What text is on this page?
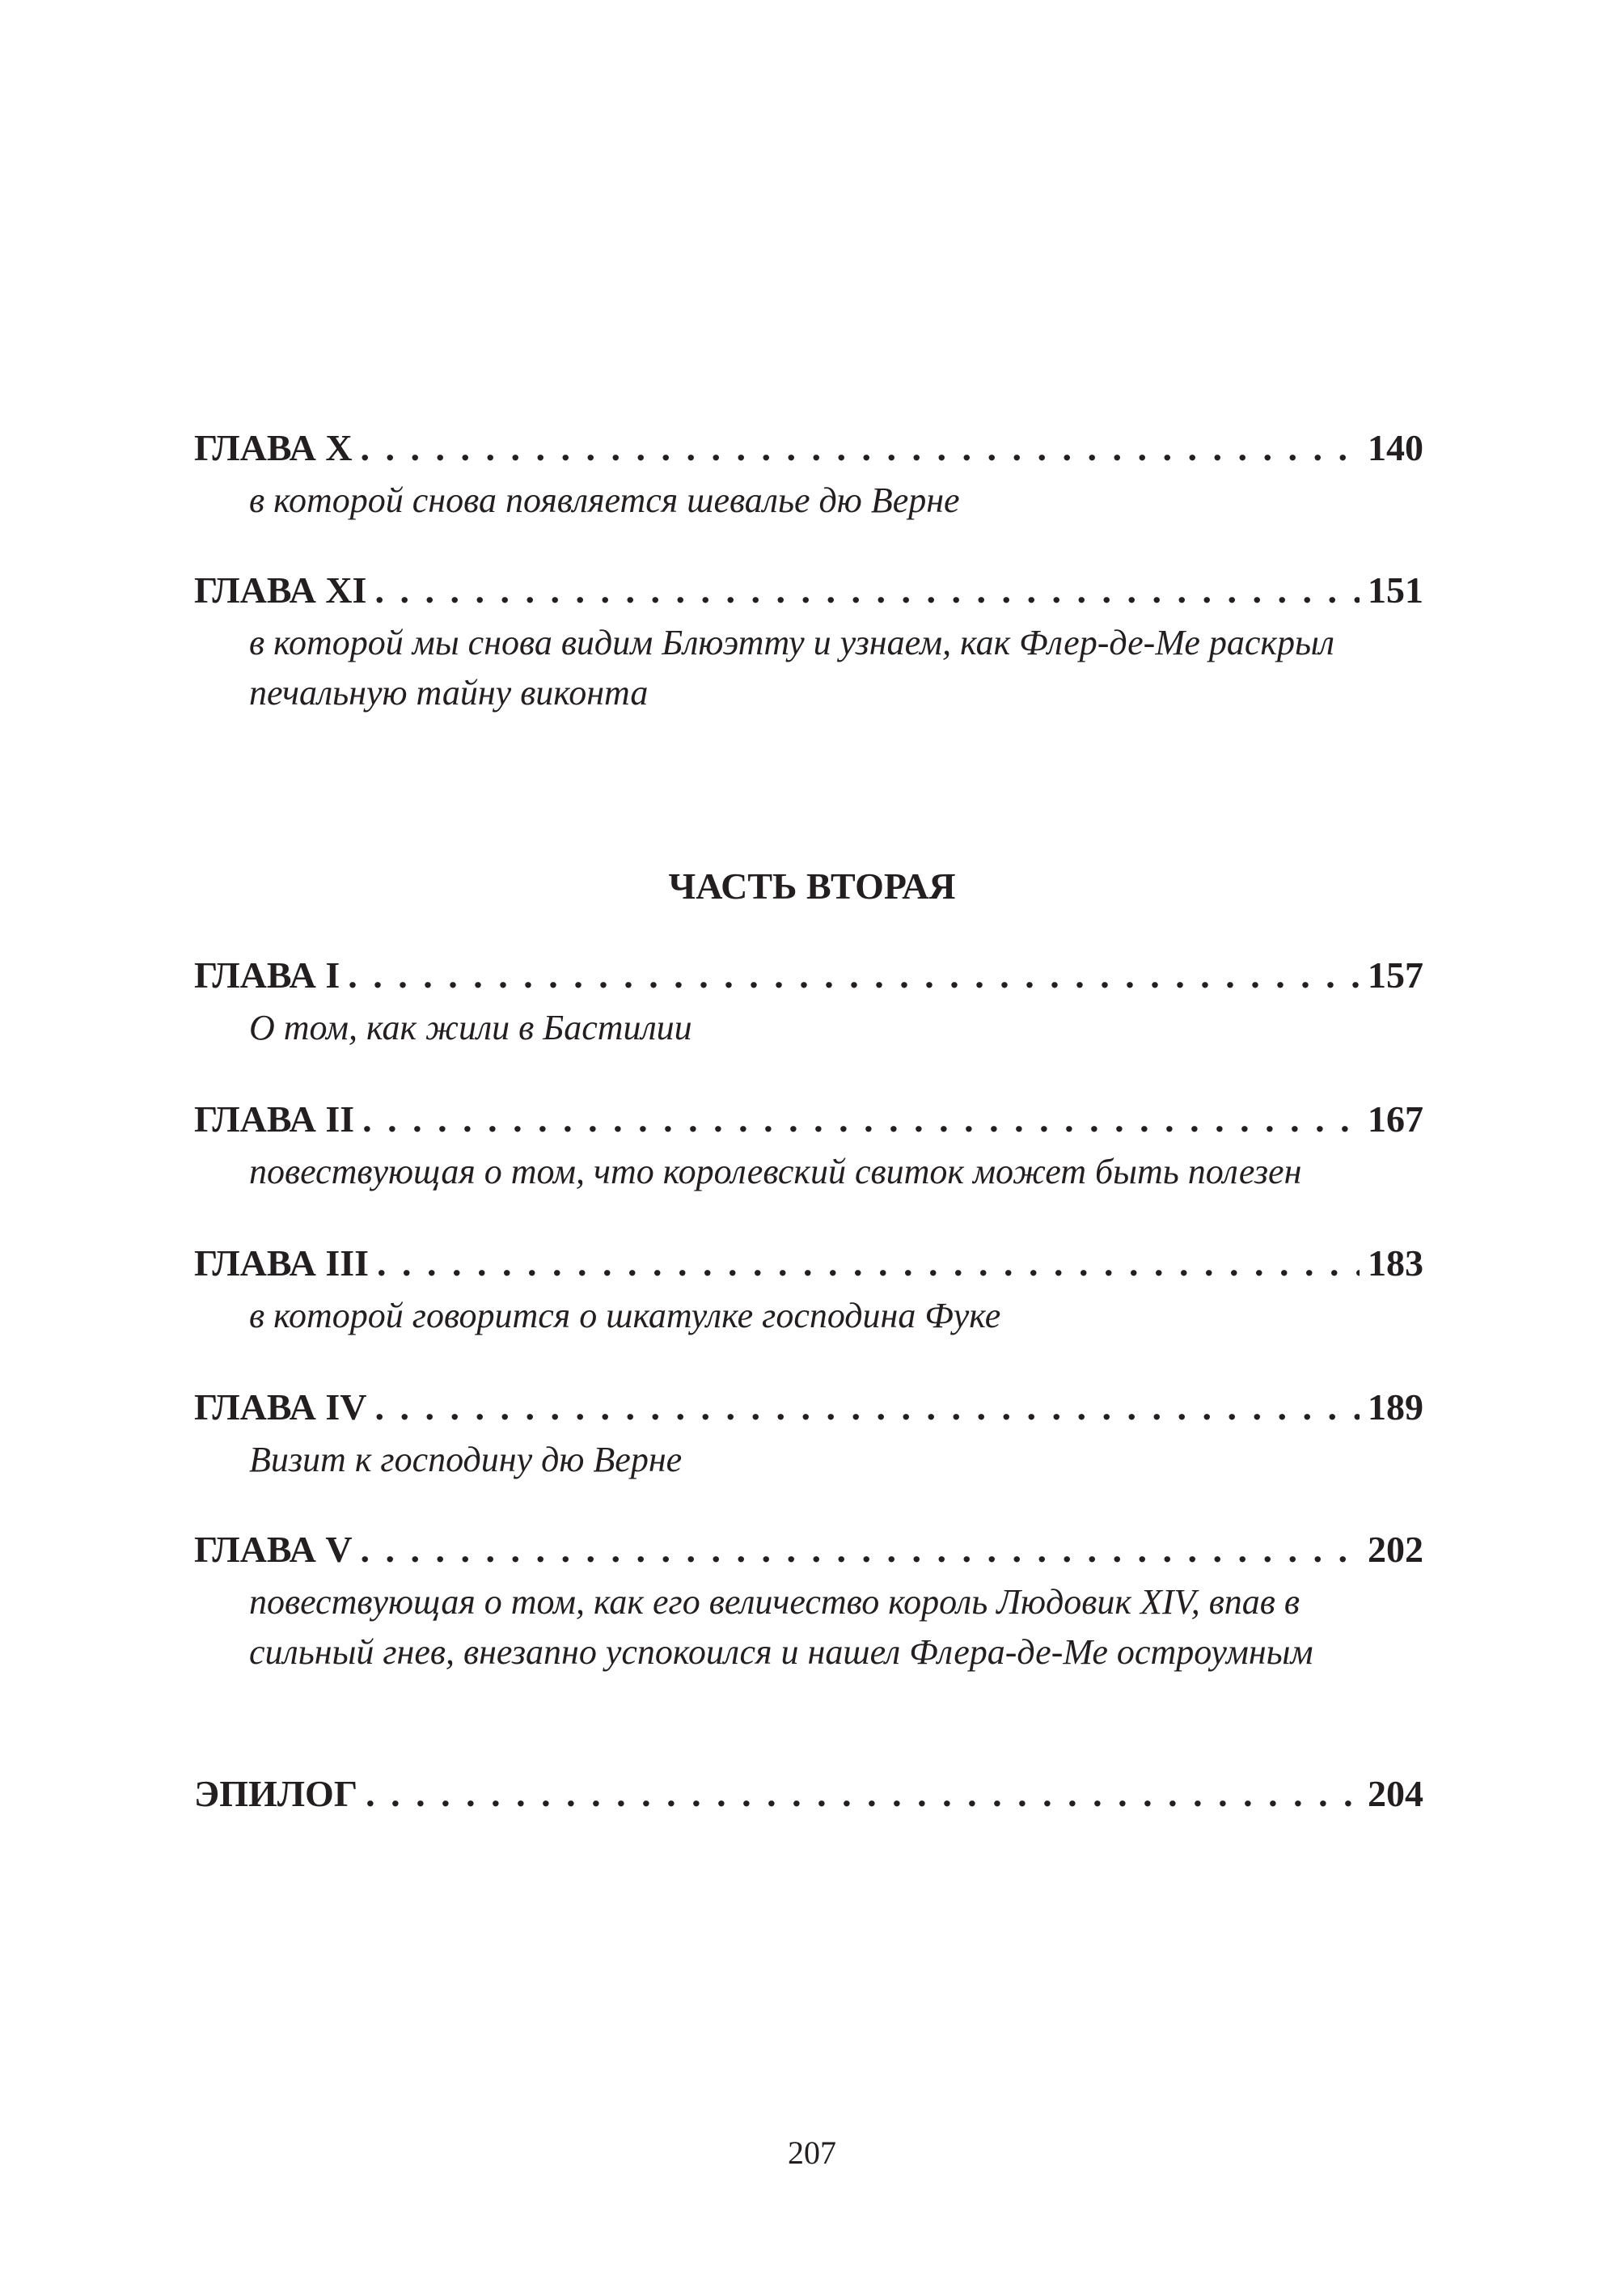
ГЛАВА X . . .	140
в которой снова появляется шевалье дю Верне
ГЛАВА XI . . .	151
в которой мы снова видим Блюэтту и узнаем, как Флер-де-Ме раскрыл печальную тайну виконта
ЧАСТЬ ВТОРАЯ
ГЛАВА I . . .	157
О том, как жили в Бастилии
ГЛАВА II . . .	167
повествующая о том, что королевский свиток может быть полезен
ГЛАВА III . . .	183
в которой говорится о шкатулке господина Фуке
ГЛАВА IV . . .	189
Визит к господину дю Верне
ГЛАВА V . . .	202
повествующая о том, как его величество король Людовик XIV, впав в сильный гнев, внезапно успокоился и нашел Флера-де-Ме остроумным
ЭПИЛОГ . . .	204
207
